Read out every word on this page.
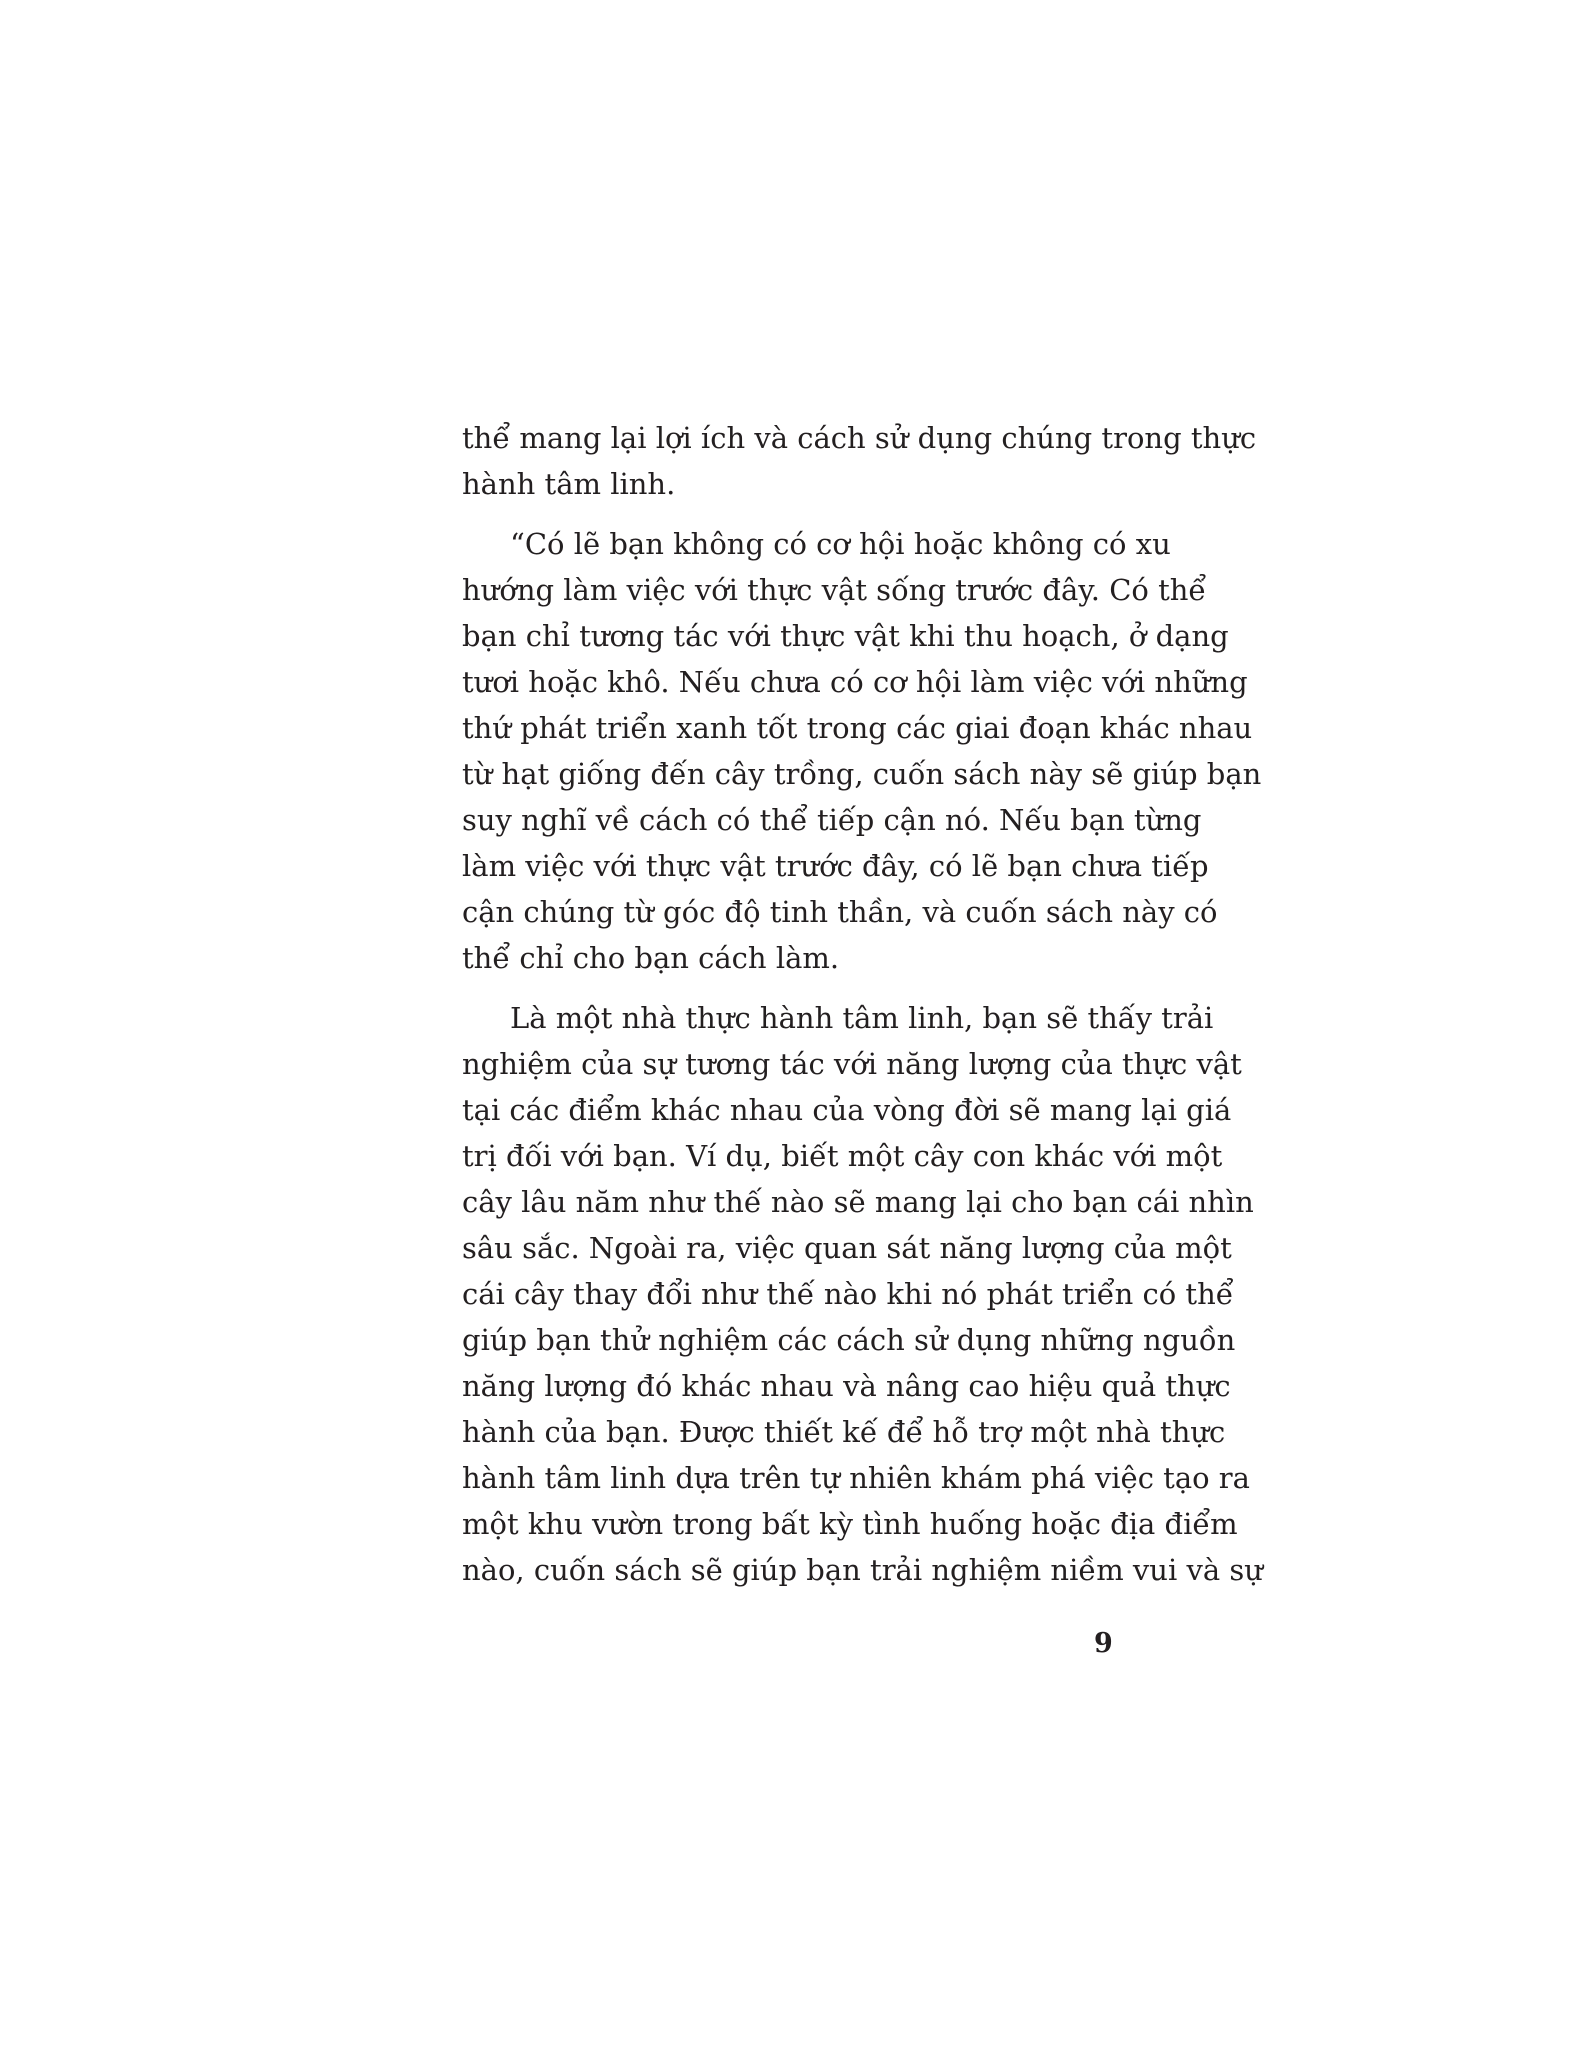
thể mang lại lợi ích và cách sử dụng chúng trong thực
hành tâm linh.
“Có lẽ bạn không có cơ hội hoặc không có xu
hướng làm việc với thực vật sống trước đây. Có thể
bạn chỉ tương tác với thực vật khi thu hoạch, ở dạng
tươi hoặc khô. Nếu chưa có cơ hội làm việc với những
thứ phát triển xanh tốt trong các giai đoạn khác nhau
từ hạt giống đến cây trồng, cuốn sách này sẽ giúp bạn
suy nghĩ về cách có thể tiếp cận nó. Nếu bạn từng
làm việc với thực vật trước đây, có lẽ bạn chưa tiếp
cận chúng từ góc độ tinh thần, và cuốn sách này có
thể chỉ cho bạn cách làm.
Là một nhà thực hành tâm linh, bạn sẽ thấy trải
nghiệm của sự tương tác với năng lượng của thực vật
tại các điểm khác nhau của vòng đời sẽ mang lại giá
trị đối với bạn. Ví dụ, biết một cây con khác với một
cây lâu năm như thế nào sẽ mang lại cho bạn cái nhìn
sâu sắc. Ngoài ra, việc quan sát năng lượng của một
cái cây thay đổi như thế nào khi nó phát triển có thể
giúp bạn thử nghiệm các cách sử dụng những nguồn
năng lượng đó khác nhau và nâng cao hiệu quả thực
hành của bạn. Được thiết kế để hỗ trợ một nhà thực
hành tâm linh dựa trên tự nhiên khám phá việc tạo ra
một khu vườn trong bất kỳ tình huống hoặc địa điểm
nào, cuốn sách sẽ giúp bạn trải nghiệm niềm vui và sự
9
